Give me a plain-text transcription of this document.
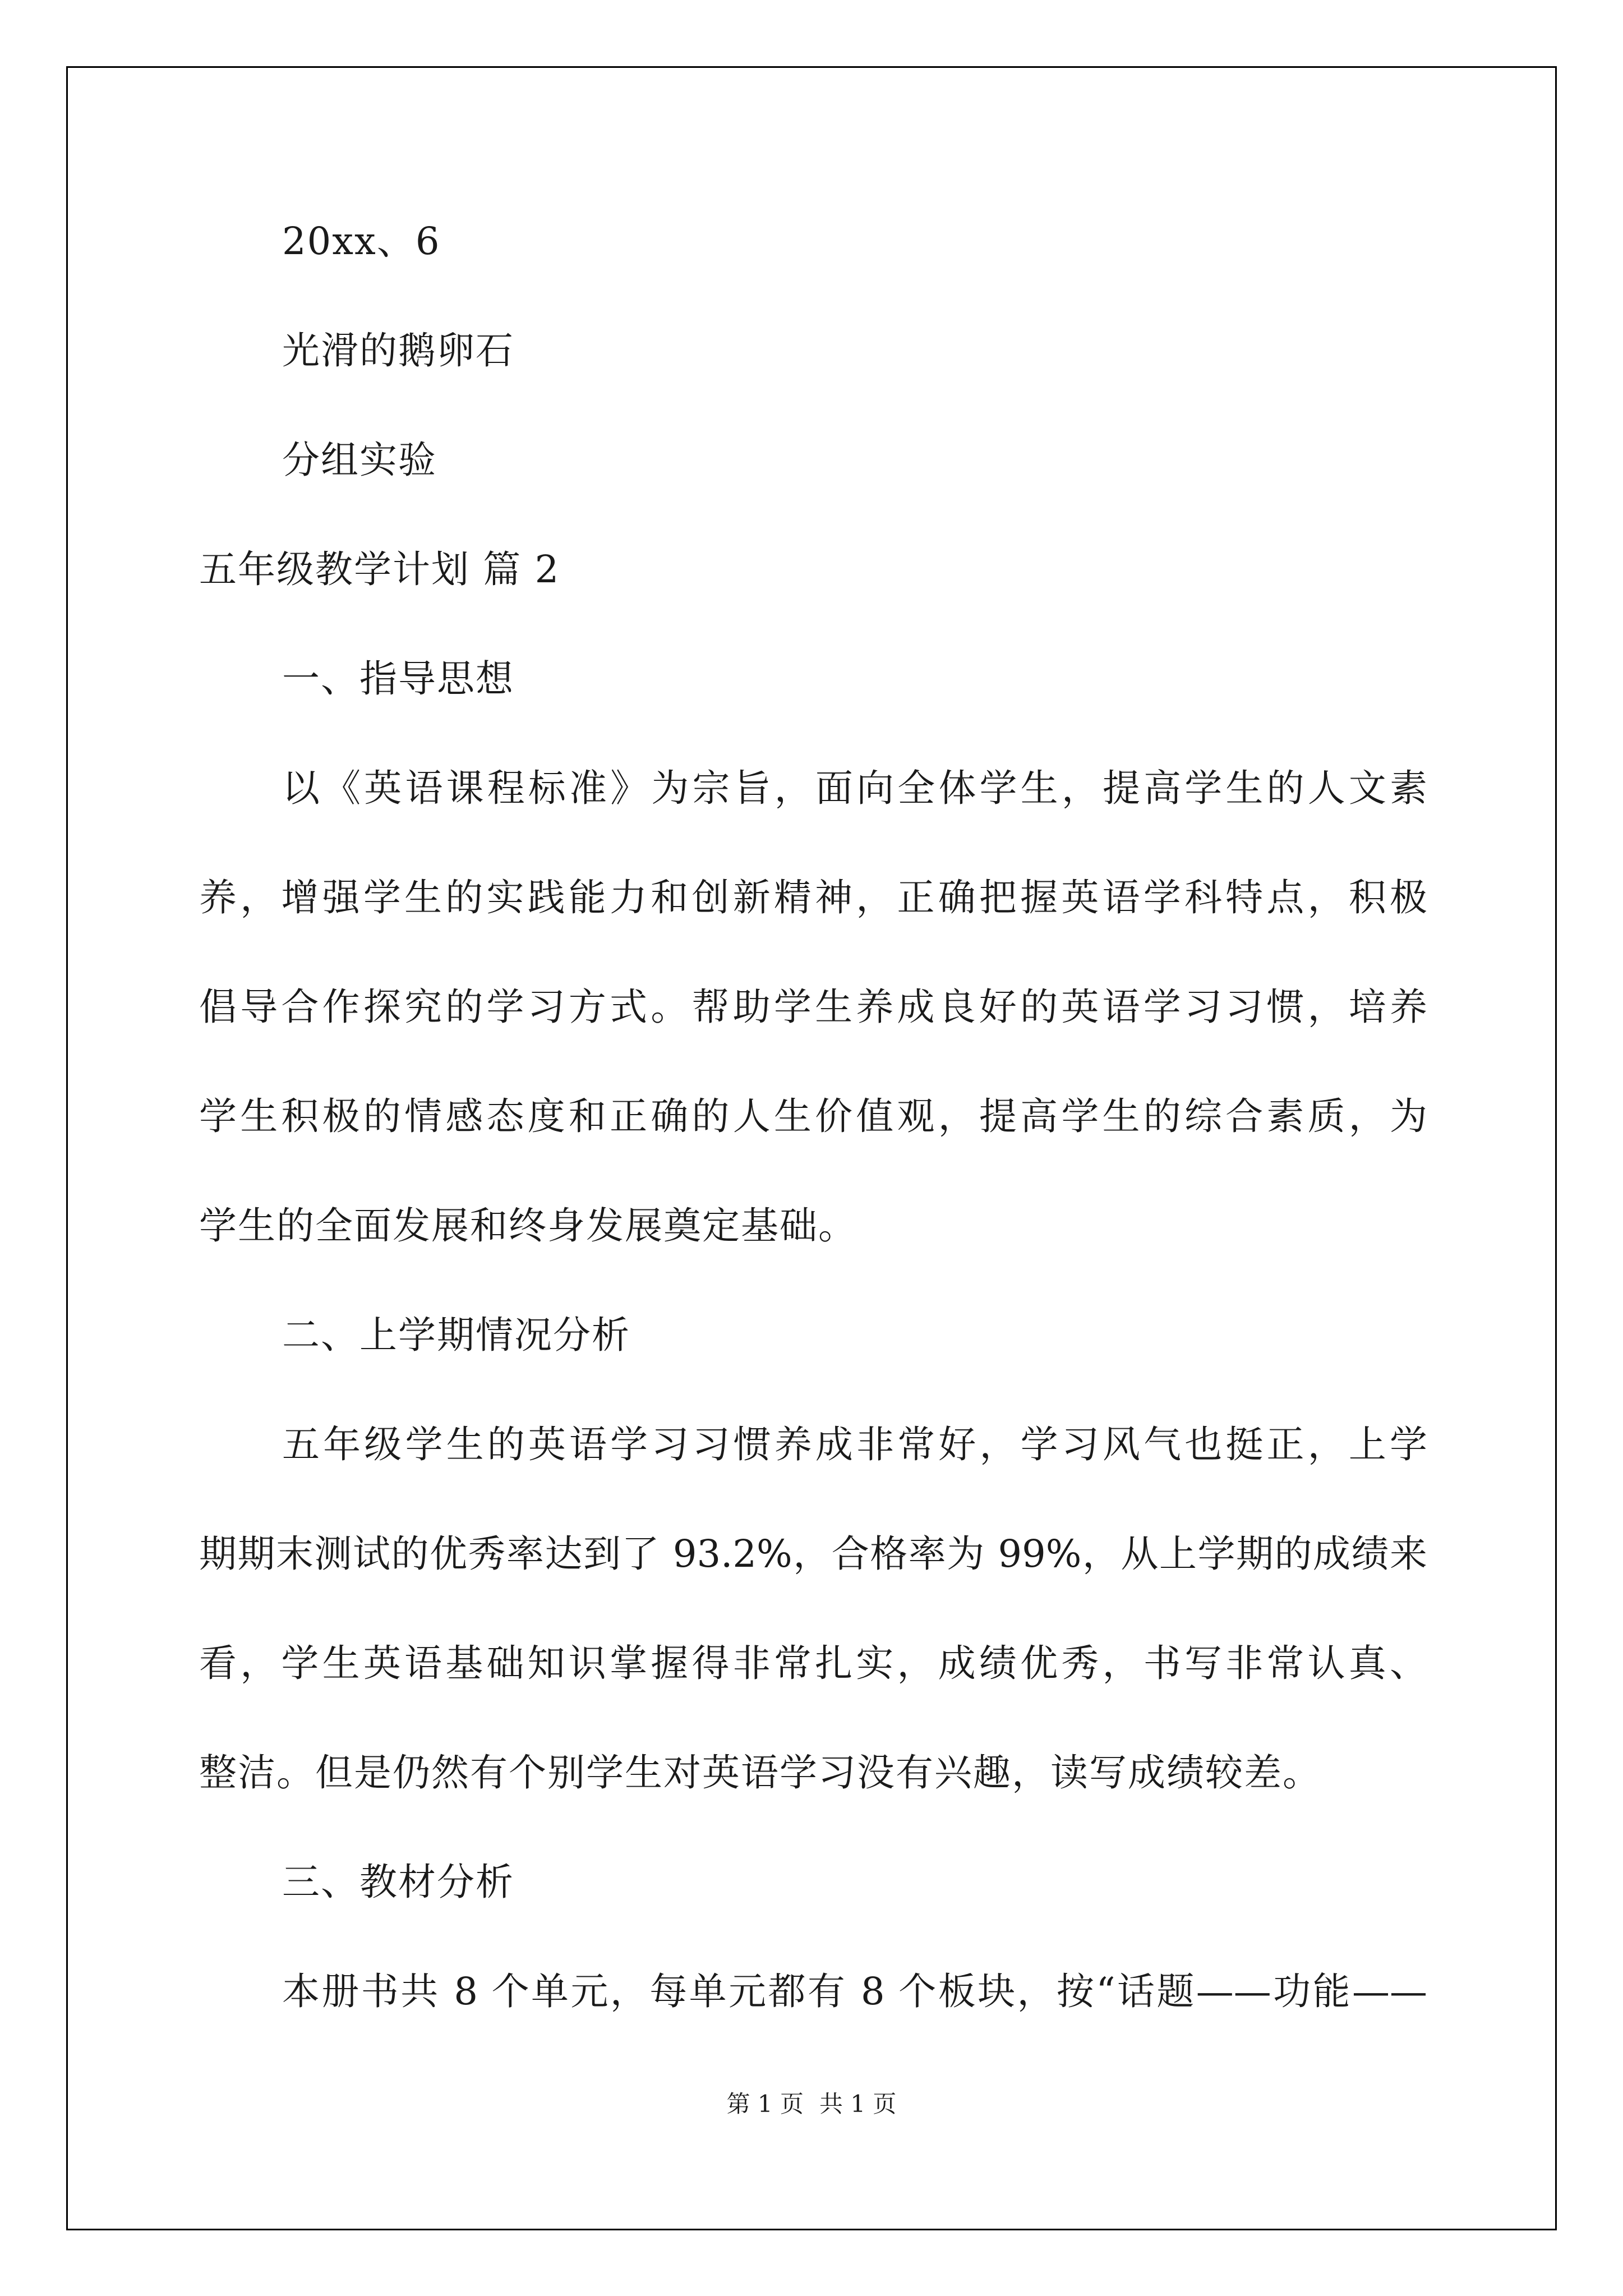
20xx、6
光滑的鹅卵石
分组实验
五年级教学计划 篇 2
一、指导思想
以《英语课程标准》为宗旨，面向全体学生，提高学生的人文素
养，增强学生的实践能力和创新精神，正确把握英语学科特点，积极
倡导合作探究的学习方式。帮助学生养成良好的英语学习习惯，培养
学生积极的情感态度和正确的人生价值观，提高学生的综合素质，为
学生的全面发展和终身发展奠定基础。
二、上学期情况分析
五年级学生的英语学习习惯养成非常好，学习风气也挺正，上学
期期末测试的优秀率达到了 93.2%，合格率为 99%，从上学期的成绩来
看，学生英语基础知识掌握得非常扎实，成绩优秀，书写非常认真、
整洁。但是仍然有个别学生对英语学习没有兴趣，读写成绩较差。
三、教材分析
本册书共 8 个单元，每单元都有 8 个板块，按“话题——功能——
第 1 页 共 1 页
